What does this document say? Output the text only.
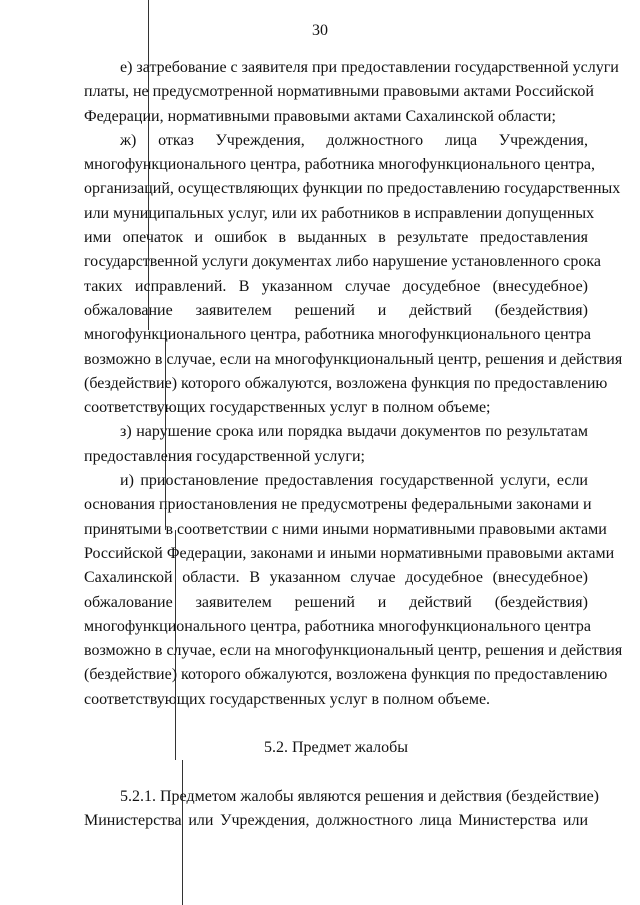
30
е) затребование с заявителя при предоставлении государственной услуги
платы, не предусмотренной нормативными правовыми актами Российской
Федерации, нормативными правовыми актами Сахалинской области;
ж) отказ Учреждения, должностного лица Учреждения,
многофункционального центра, работника многофункционального центра,
организаций, осуществляющих функции по предоставлению государственных
или муниципальных услуг, или их работников в исправлении допущенных
ими опечаток и ошибок в выданных в результате предоставления
государственной услуги документах либо нарушение установленного срока
таких исправлений. В указанном случае досудебное (внесудебное)
обжалование заявителем решений и действий (бездействия)
многофункционального центра, работника многофункционального центра
возможно в случае, если на многофункциональный центр, решения и действия
(бездействие) которого обжалуются, возложена функция по предоставлению
соответствующих государственных услуг в полном объеме;
з) нарушение срока или порядка выдачи документов по результатам
предоставления государственной услуги;
и) приостановление предоставления государственной услуги, если
основания приостановления не предусмотрены федеральными законами и
принятыми в соответствии с ними иными нормативными правовыми актами
Российской Федерации, законами и иными нормативными правовыми актами
Сахалинской области. В указанном случае досудебное (внесудебное)
обжалование заявителем решений и действий (бездействия)
многофункционального центра, работника многофункционального центра
возможно в случае, если на многофункциональный центр, решения и действия
(бездействие) которого обжалуются, возложена функция по предоставлению
соответствующих государственных услуг в полном объеме.
5.2. Предмет жалобы
5.2.1. Предметом жалобы являются решения и действия (бездействие)
Министерства или Учреждения, должностного лица Министерства или
